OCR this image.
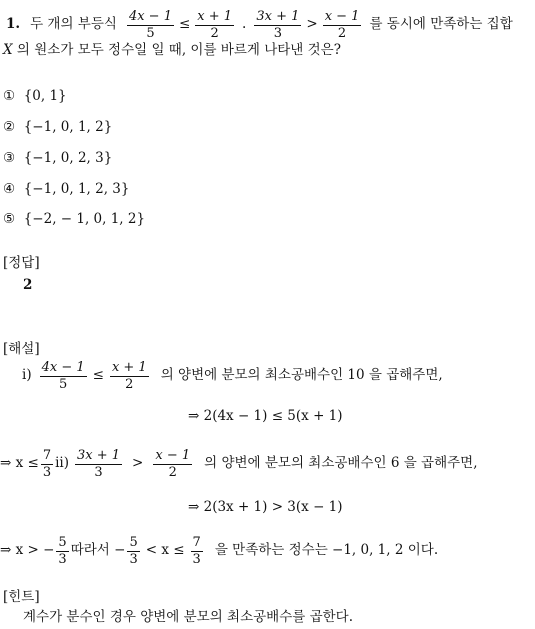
1. 두 개의 부등식 $\frac{4x - 1}{5} \le \frac{x + 1}{2}$ . $\frac{3x + 1}{3} > \frac{x - 1}{2}$ 를 동시에 만족하는 집합
X 의 원소가 모두 정수일 일 때, 이를 바르게 나타낸 것은?
① {0, 1}
② {−1, 0, 1, 2}
③ {−1, 0, 2, 3}
④ {−1, 0, 1, 2, 3}
⑤ {−2, − 1, 0, 1, 2}
[정답]
2
[해설]
$i) \frac{4x - 1}{5} \le \frac{x + 1}{2}$ 의 양변에 분모의 최소공배수인 10 을 곱해주면,
⇒ 2(4x − 1) ≤ 5(x + 1)
⇒ $x \le \frac{7}{3} ii) \frac{3x + 1}{3} > \frac{x - 1}{2}$ 의 양변에 분모의 최소공배수인 6 을 곱해주면,
⇒ 2(3x + 1) > 3(x − 1)
⇒ x > − $\frac{5}{3}$ 따라서 − $\frac{5}{3} < x \le \frac{7}{3}$ 을 만족하는 정수는 −1, 0, 1, 2 이다.
[힌트]
계수가 분수인 경우 양변에 분모의 최소공배수를 곱한다.
